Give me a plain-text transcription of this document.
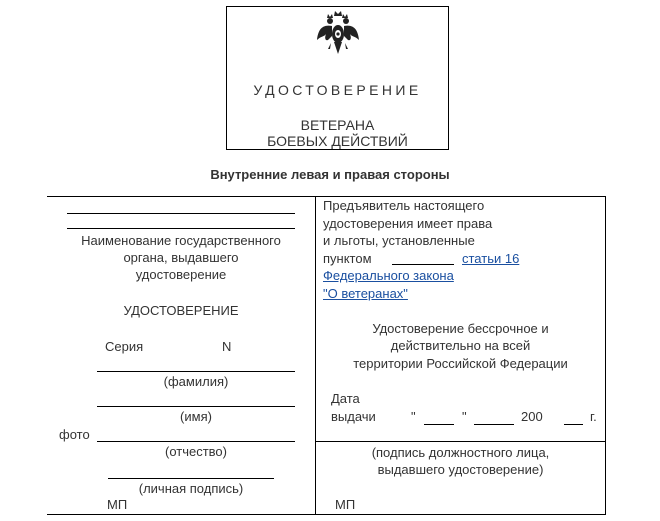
УДОСТОВЕРЕНИЕ
ВЕТЕРАНА
БОЕВЫХ ДЕЙСТВИЙ
Внутренние левая и правая стороны
Наименование государственного
органа, выдавшего
удостоверение
УДОСТОВЕРЕНИЕ
Серия	N
(фамилия)
(имя)
фото
(отчество)
(личная подпись)
МП
Предъявитель настоящего
удостоверения имеет права
и льготы, установленные
пунктом	статьи 16
Федерального закона
"О ветеранах"
Удостоверение бессрочное и
действительно на всей
территории Российской Федерации
Дата
выдачи	"	"	200	г.
(подпись должностного лица,
выдавшего удостоверение)
МП
